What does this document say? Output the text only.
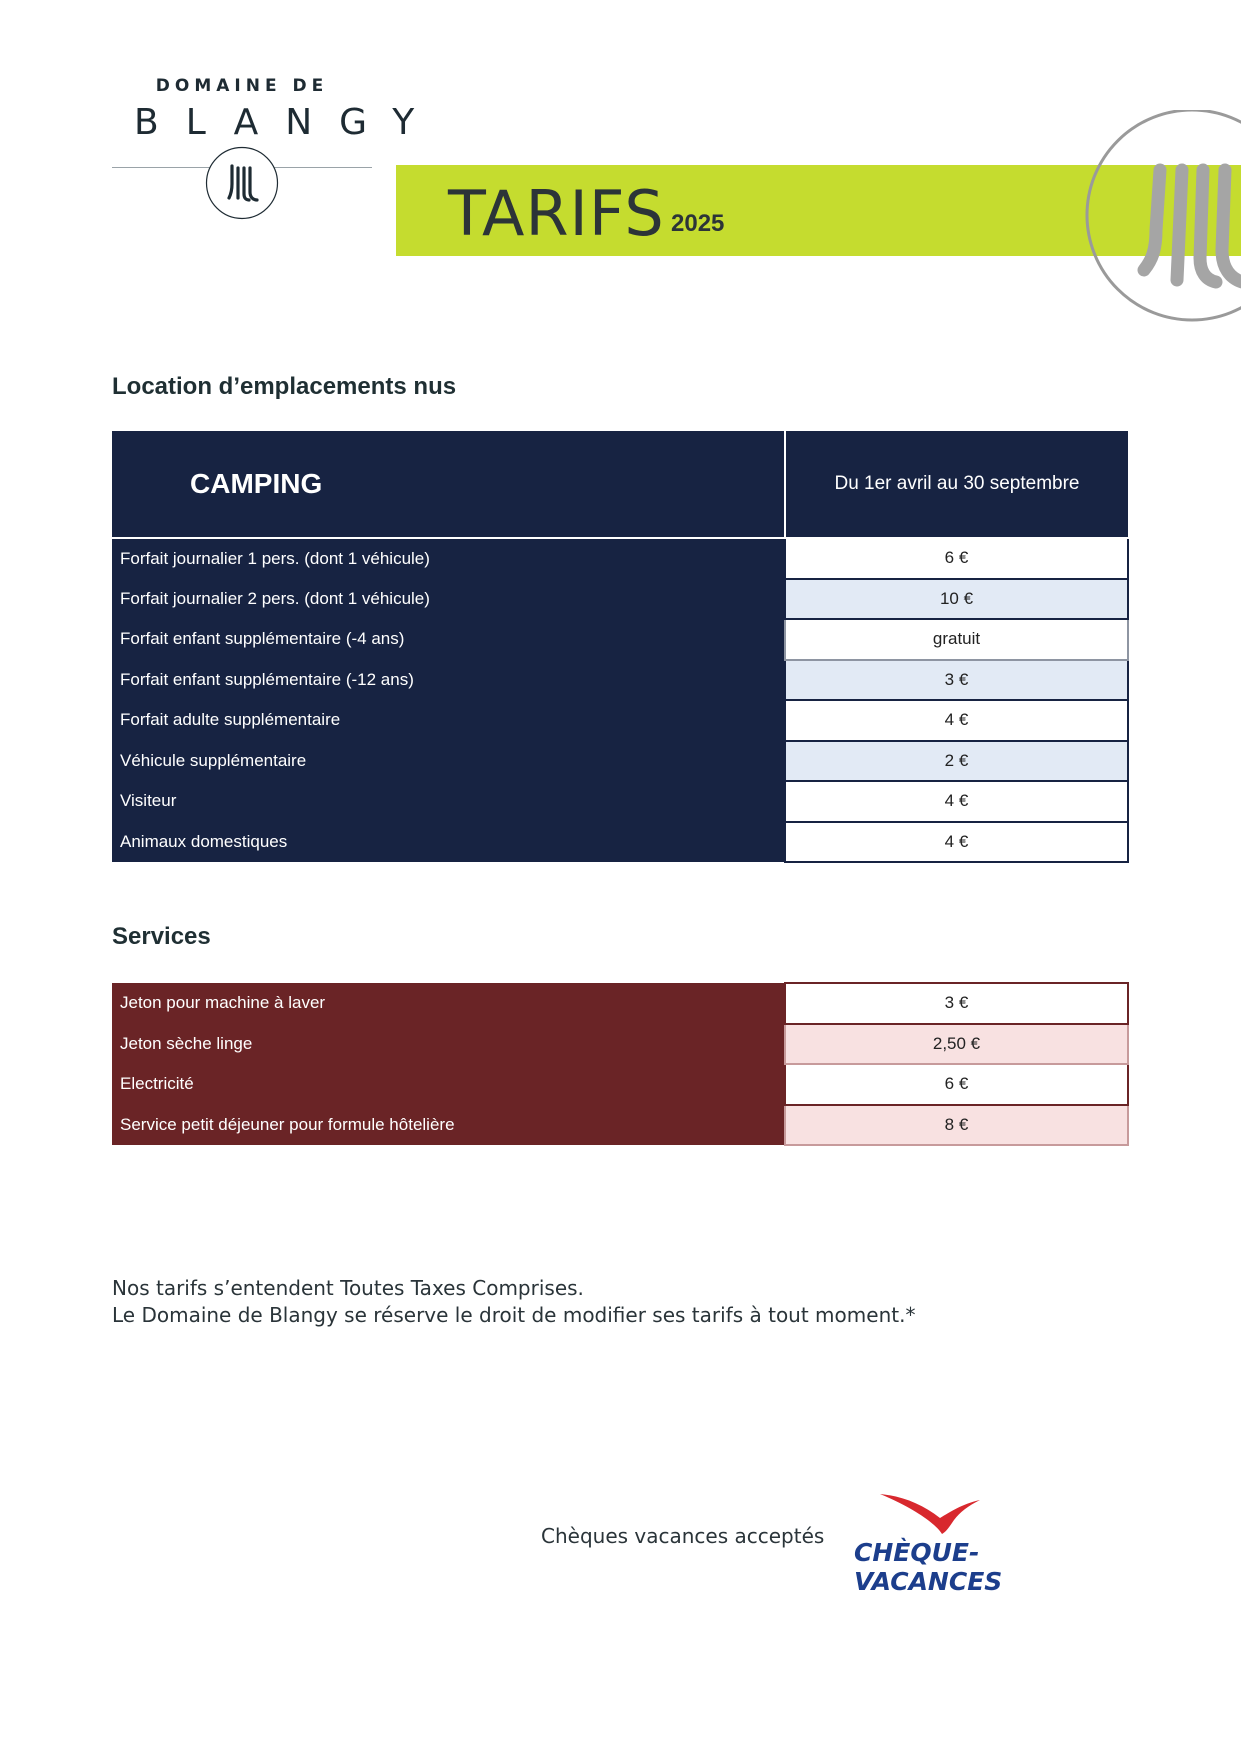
DOMAINE DE
BLANGY
TARIFS 2025
Location d’emplacements nus
CAMPING	Du 1er avril au 30 septembre
Forfait journalier 1 pers. (dont 1 véhicule)	6 €
Forfait journalier 2 pers. (dont 1 véhicule)	10 €
Forfait enfant supplémentaire (-4 ans)	gratuit
Forfait enfant supplémentaire (-12 ans)	3 €
Forfait adulte supplémentaire	4 €
Véhicule supplémentaire	2 €
Visiteur	4 €
Animaux domestiques	4 €
Services
Jeton pour machine à laver	3 €
Jeton sèche linge	2,50 €
Electricité	6 €
Service petit déjeuner pour formule hôtelière	8 €
Nos tarifs s’entendent Toutes Taxes Comprises.
Le Domaine de Blangy se réserve le droit de modifier ses tarifs à tout moment.*
Chèques vacances acceptés
CHÈQUE-VACANCES
